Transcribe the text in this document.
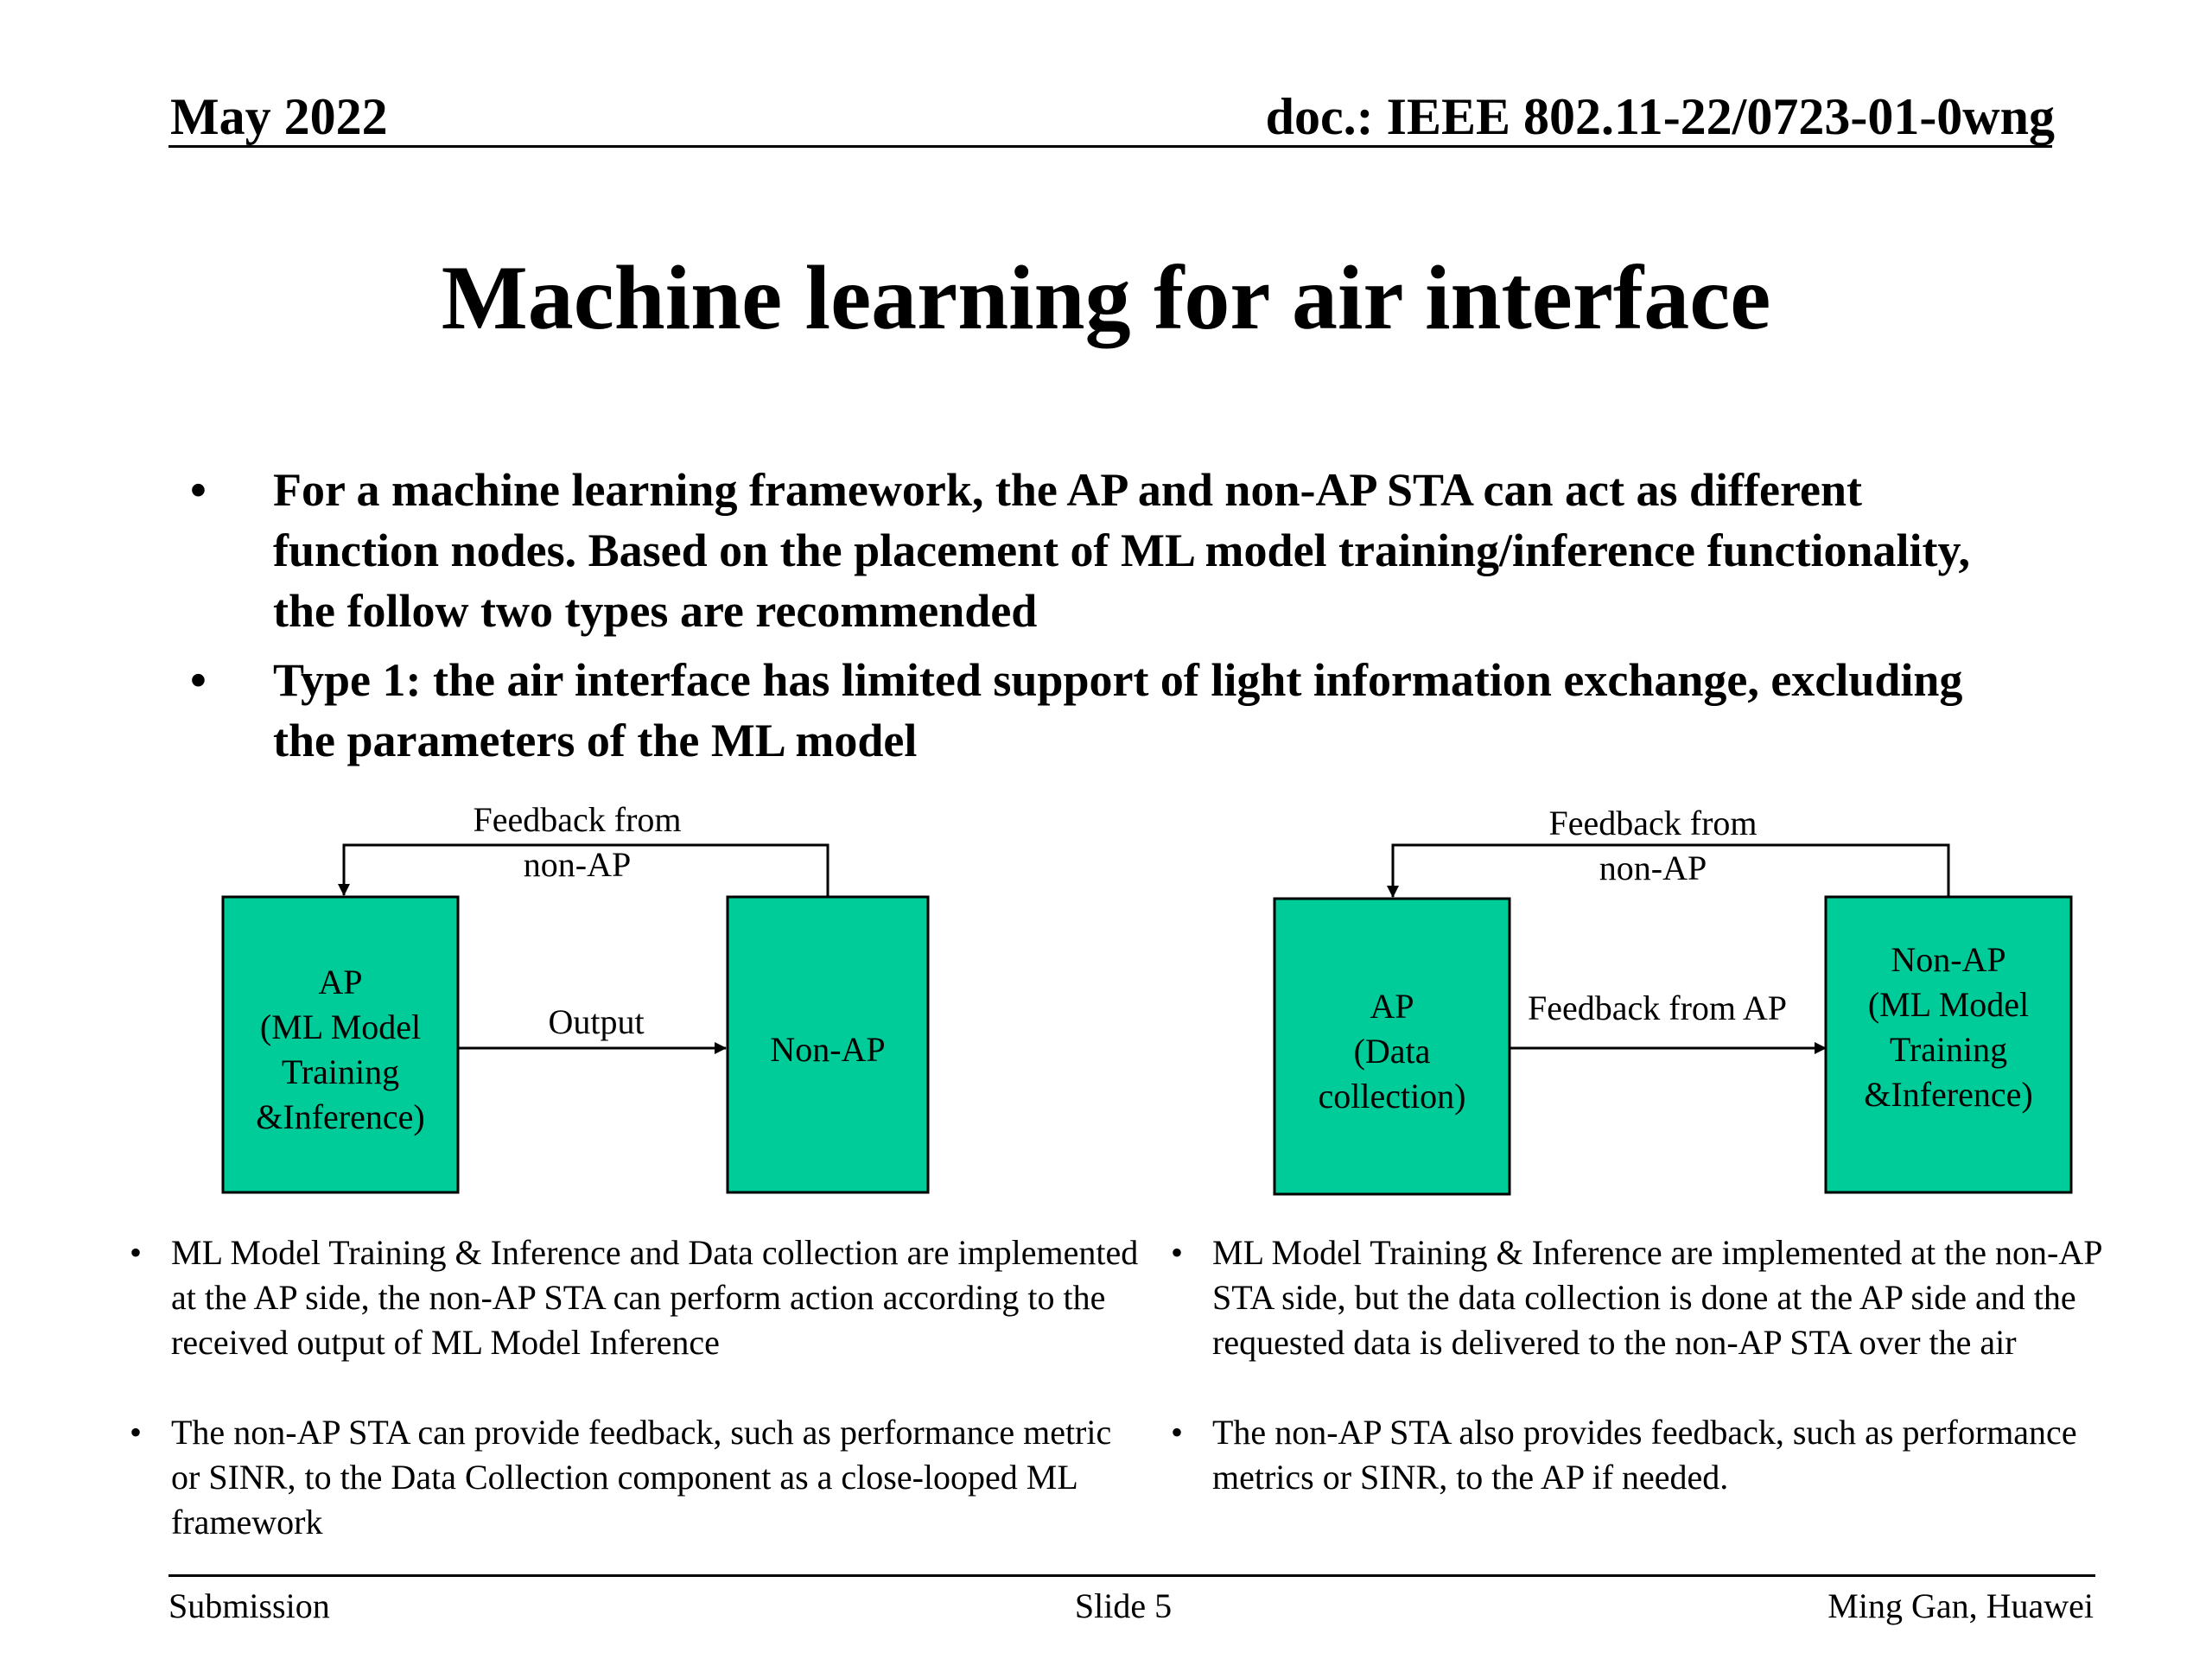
May 2022	doc.: IEEE 802.11-22/0723-01-0wng
Machine learning for air interface
• For a machine learning framework, the AP and non-AP STA can act as different function nodes. Based on the placement of ML model training/inference functionality, the follow two types are recommended
• Type 1: the air interface has limited support of light information exchange, excluding the parameters of the ML model
Feedback from
non-AP
AP
(ML Model
Training
&Inference)
Output
Non-AP
Feedback from
non-AP
AP
(Data
collection)
Feedback from AP
Non-AP
(ML Model
Training
&Inference)
• ML Model Training & Inference and Data collection are implemented at the AP side, the non-AP STA can perform action according to the received output of ML Model Inference
• The non-AP STA can provide feedback, such as performance metric or SINR, to the Data Collection component as a close-looped ML framework
• ML Model Training & Inference are implemented at the non-AP STA side, but the data collection is done at the AP side and the requested data is delivered to the non-AP STA over the air
• The non-AP STA also provides feedback, such as performance metrics or SINR, to the AP if needed.
Submission	Slide 5	Ming Gan, Huawei
